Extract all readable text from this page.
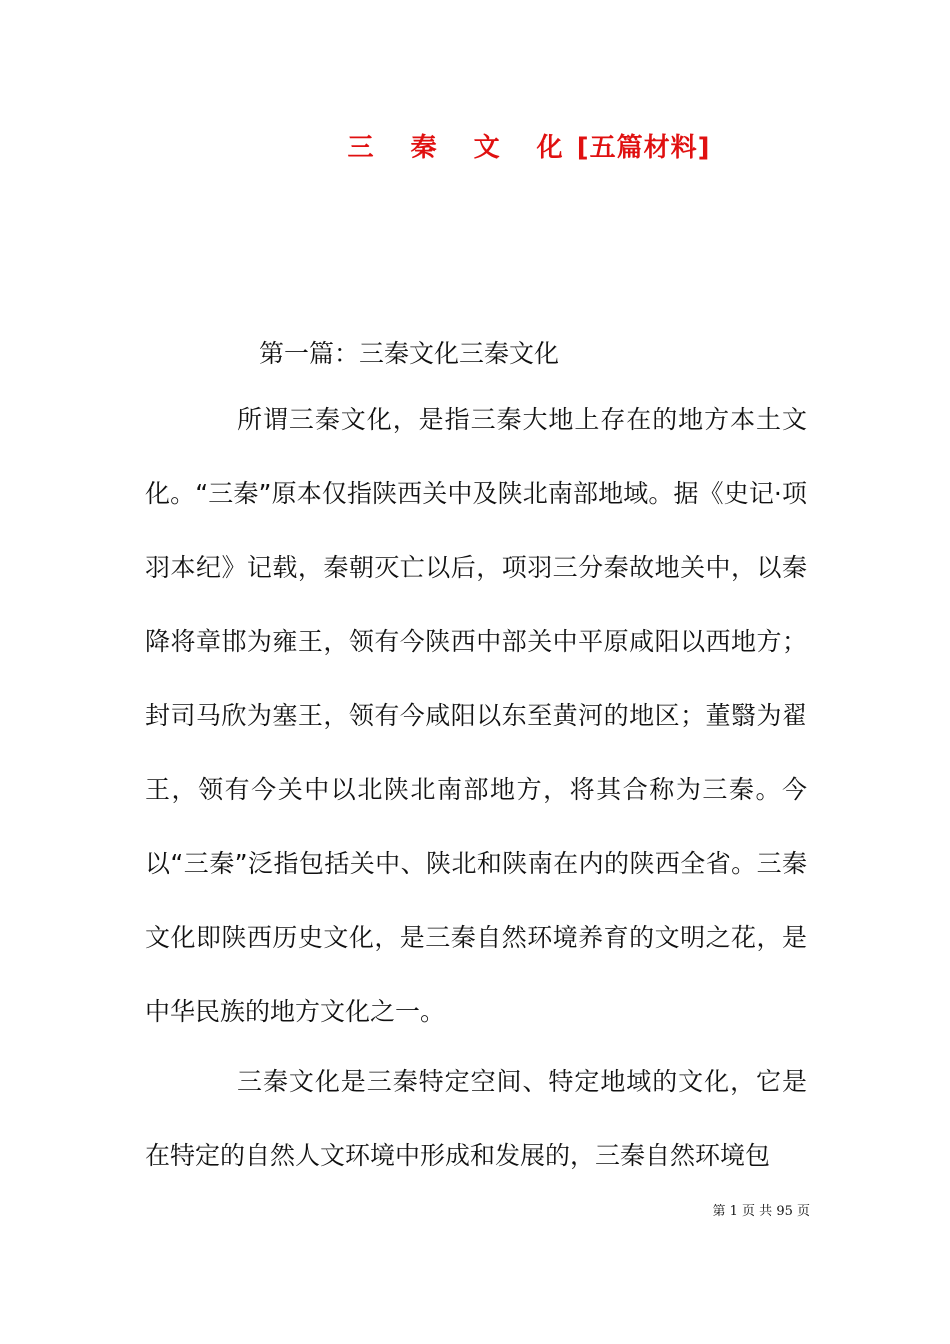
三 秦 文 化[五篇材料]
第一篇：三秦文化三秦文化

所谓三秦文化，是指三秦大地上存在的地方本土文化。“三秦”原本仅指陕西关中及陕北南部地域。据《史记·项羽本纪》记载，秦朝灭亡以后，项羽三分秦故地关中，以秦降将章邯为雍王，领有今陕西中部关中平原咸阳以西地方；封司马欣为塞王，领有今咸阳以东至黄河的地区；董翳为翟王，领有今关中以北陕北南部地方，将其合称为三秦。今以“三秦”泛指包括关中、陕北和陕南在内的陕西全省。三秦文化即陕西历史文化，是三秦自然环境养育的文明之花，是中华民族的地方文化之一。

三秦文化是三秦特定空间、特定地域的文化，它是在特定的自然人文环境中形成和发展的，三秦自然环境包

第 1 页 共 95 页
